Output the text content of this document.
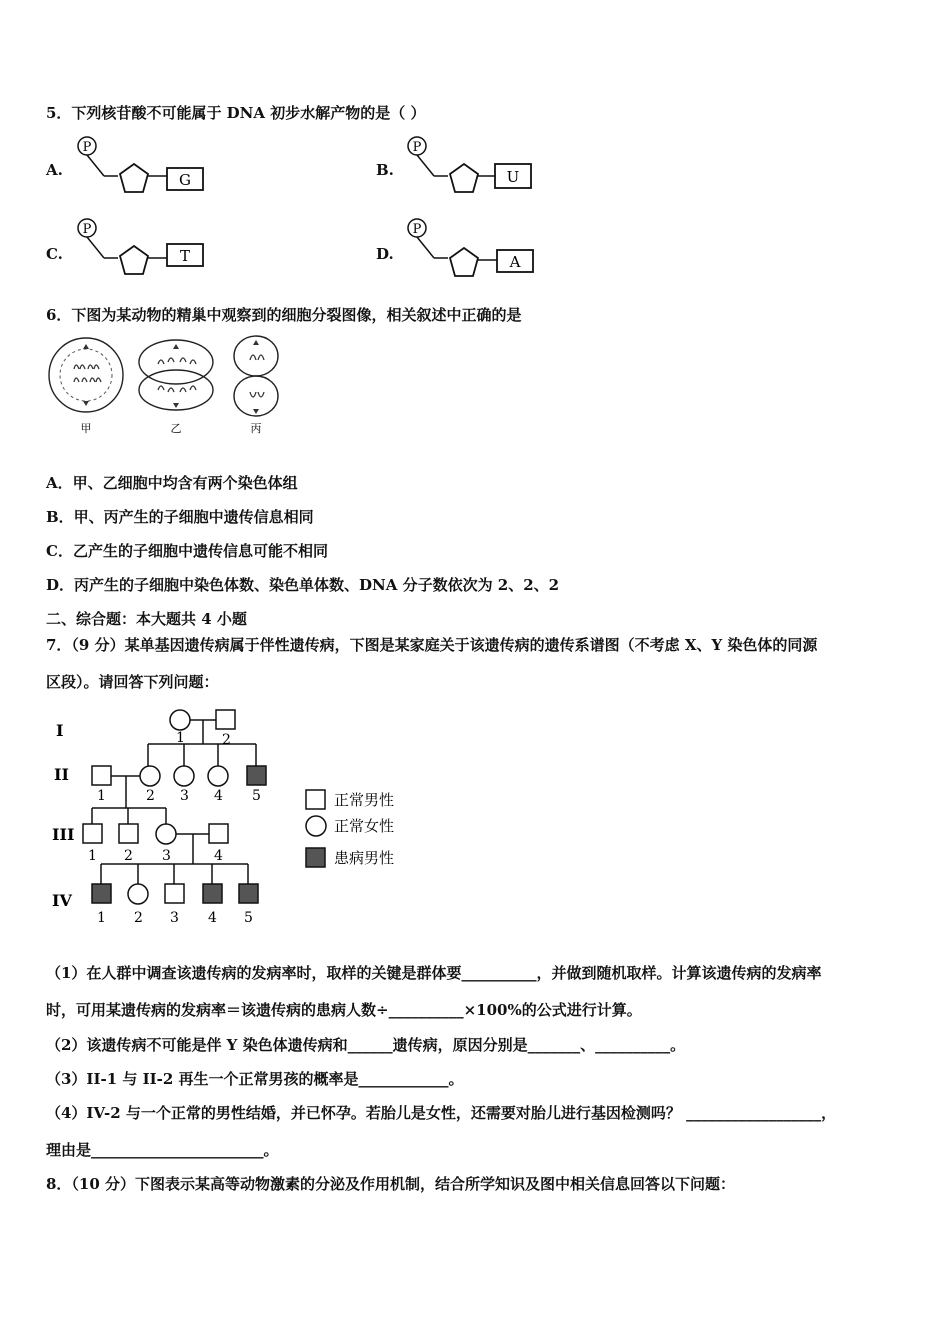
5．下列核苷酸不可能属于 DNA 初步水解产物的是（ ）
A.
P
G
B.
P
U
C.
P
T	D.
P
A
6．下图为某动物的精巢中观察到的细胞分裂图像，相关叙述中正确的是
甲	乙	丙
A．甲、乙细胞中均含有两个染色体组
B．甲、丙产生的子细胞中遗传信息相同
C．乙产生的子细胞中遗传信息可能不相同
D．丙产生的子细胞中染色体数、染色单体数、DNA 分子数依次为 2、2、2
二、综合题：本大题共 4 小题
7．（9 分）某单基因遗传病属于伴性遗传病，下图是某家庭关于该遗传病的遗传系谱图（不考虑 X、Y 染色体的同源
区段）。请回答下列问题：
I
II
III
IV
1	2
1	2 3 4 5
1 2 3	4
1 2 3 4 5
正常男性
正常女性
患病男性
（1）在人群中调查该遗传病的发病率时，取样的关键是群体要__________，并做到随机取样。计算该遗传病的发病率
时，可用某遗传病的发病率＝该遗传病的患病人数÷__________×100%的公式进行计算。
（2）该遗传病不可能是伴 Y 染色体遗传病和______遗传病，原因分别是_______、__________。
（3）II-1 与 II-2 再生一个正常男孩的概率是____________。
（4）IV-2 与一个正常的男性结婚，并已怀孕。若胎儿是女性，还需要对胎儿进行基因检测吗？ __________________，
理由是_______________________。
8．（10 分）下图表示某高等动物激素的分泌及作用机制，结合所学知识及图中相关信息回答以下问题：
